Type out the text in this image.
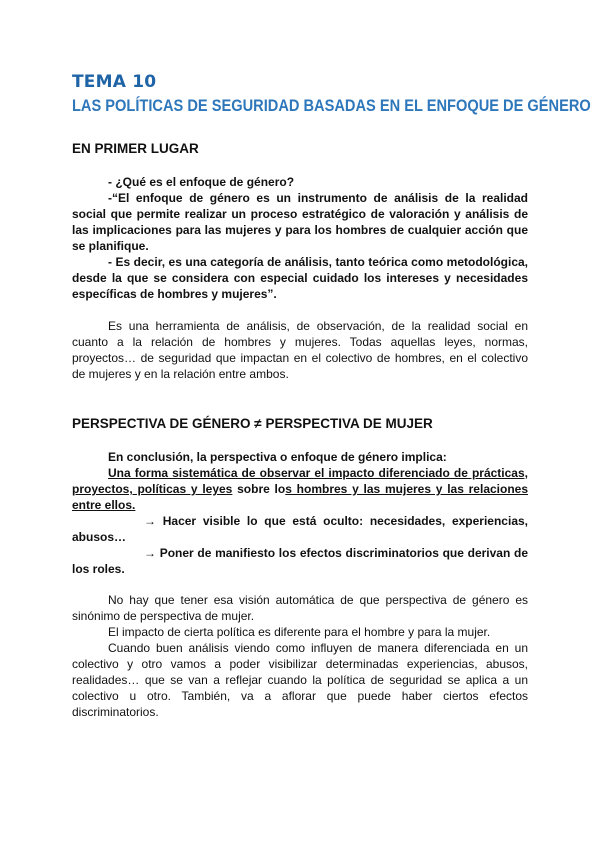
TEMA 10
LAS POLÍTICAS DE SEGURIDAD BASADAS EN EL ENFOQUE DE GÉNERO
EN PRIMER LUGAR

- ¿Qué es el enfoque de género?

-“El enfoque de género es un instrumento de análisis de la realidad social que permite realizar un proceso estratégico de valoración y análisis de las implicaciones para las mujeres y para los hombres de cualquier acción que se planifique.

- Es decir, es una categoría de análisis, tanto teórica como metodológica, desde la que se considera con especial cuidado los intereses y necesidades específicas de hombres y mujeres”.

Es una herramienta de análisis, de observación, de la realidad social en cuanto a la relación de hombres y mujeres. Todas aquellas leyes, normas, proyectos… de seguridad que impactan en el colectivo de hombres, en el colectivo de mujeres y en la relación entre ambos.
PERSPECTIVA DE GÉNERO ≠ PERSPECTIVA DE MUJER

En conclusión, la perspectiva o enfoque de género implica:

Una forma sistemática de observar el impacto diferenciado de prácticas, proyectos, políticas y leyes sobre los hombres y las mujeres y las relaciones entre ellos.

→ Hacer visible lo que está oculto: necesidades, experiencias, abusos…

→ Poner de manifiesto los efectos discriminatorios que derivan de los roles.

No hay que tener esa visión automática de que perspectiva de género es sinónimo de perspectiva de mujer.

El impacto de cierta política es diferente para el hombre y para la mujer.

Cuando buen análisis viendo como influyen de manera diferenciada en un colectivo y otro vamos a poder visibilizar determinadas experiencias, abusos, realidades… que se van a reflejar cuando la política de seguridad se aplica a un colectivo u otro. También, va a aflorar que puede haber ciertos efectos discriminatorios.
